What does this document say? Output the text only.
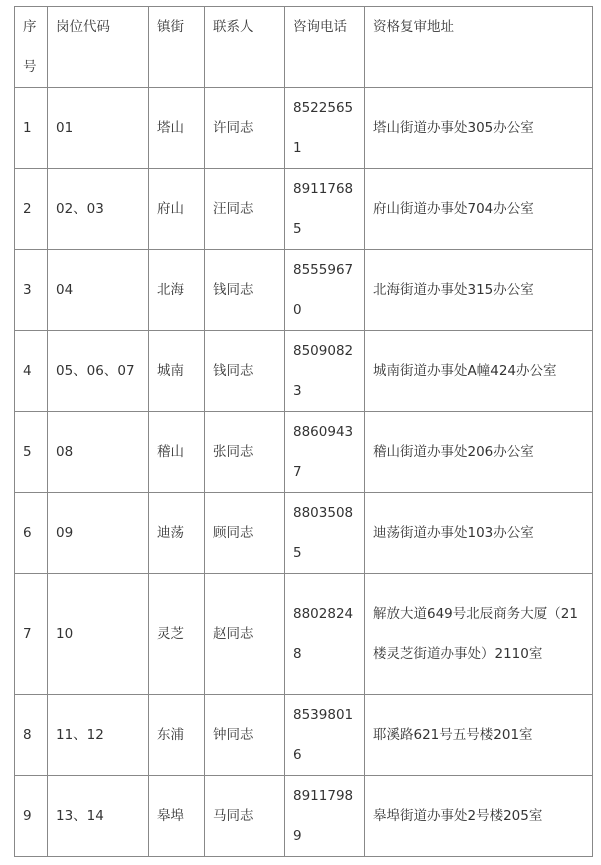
序号	岗位代码	镇街	联系人	咨询电话	资格复审地址
1	01	塔山	许同志	85225651	塔山街道办事处305办公室
2	02、03	府山	汪同志	89117685	府山街道办事处704办公室
3	04	北海	钱同志	85559670	北海街道办事处315办公室
4	05、06、07	城南	钱同志	85090823	城南街道办事处A幢424办公室
5	08	稽山	张同志	88609437	稽山街道办事处206办公室
6	09	迪荡	顾同志	88035085	迪荡街道办事处103办公室
7	10	灵芝	赵同志	88028248	解放大道649号北辰商务大厦（21楼灵芝街道办事处）2110室
8	11、12	东浦	钟同志	85398016	耶溪路621号五号楼201室
9	13、14	皋埠	马同志	89117989	皋埠街道办事处2号楼205室
